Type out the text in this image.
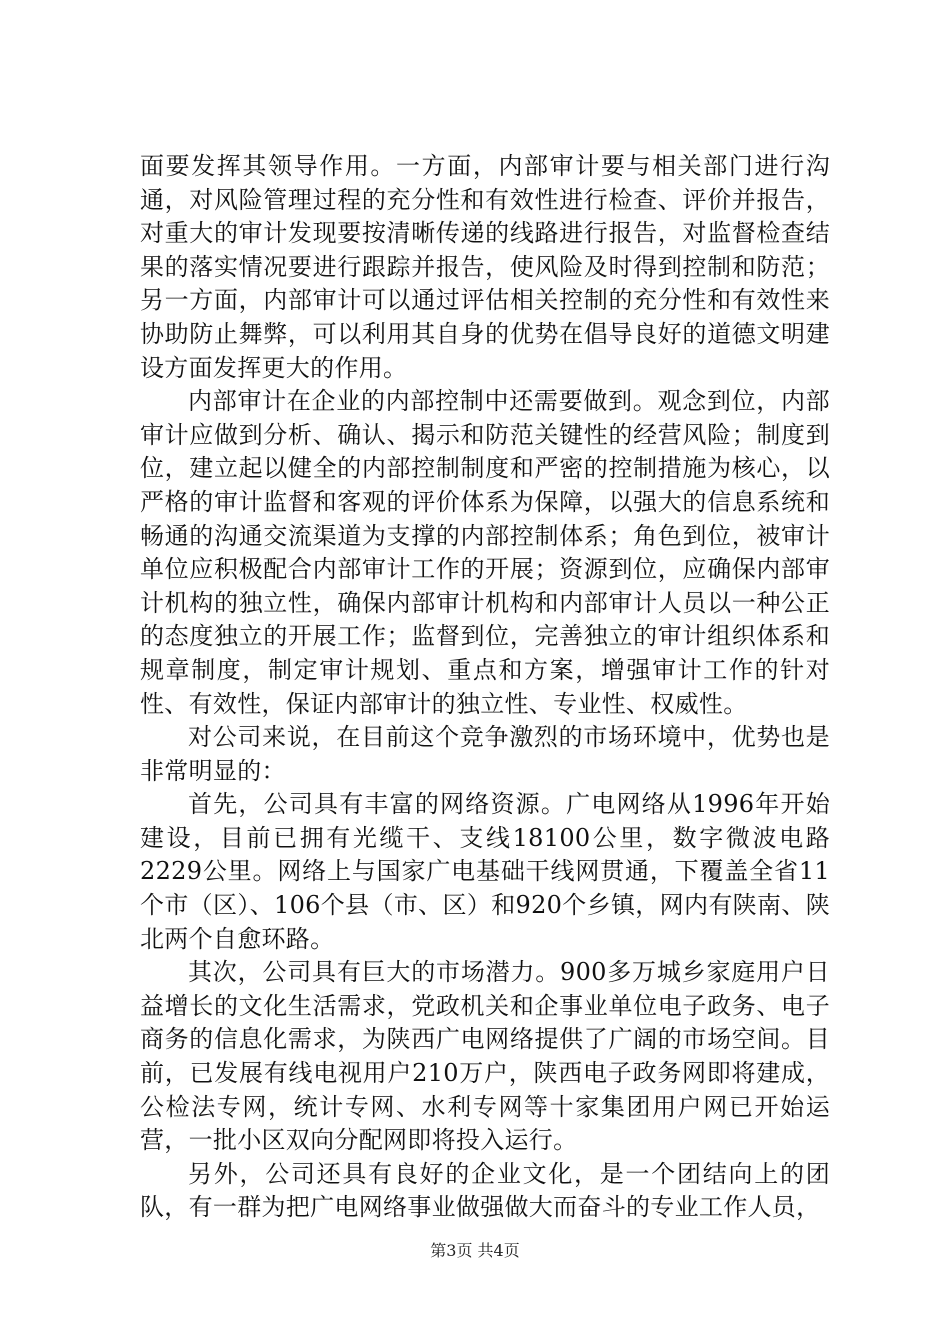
面要发挥其领导作用。一方面，内部审计要与相关部门进行沟通，对风险管理过程的充分性和有效性进行检查、评价并报告，对重大的审计发现要按清晰传递的线路进行报告，对监督检查结果的落实情况要进行跟踪并报告，使风险及时得到控制和防范；另一方面，内部审计可以通过评估相关控制的充分性和有效性来协助防止舞弊，可以利用其自身的优势在倡导良好的道德文明建设方面发挥更大的作用。

内部审计在企业的内部控制中还需要做到。观念到位，内部审计应做到分析、确认、揭示和防范关键性的经营风险；制度到位，建立起以健全的内部控制制度和严密的控制措施为核心，以严格的审计监督和客观的评价体系为保障，以强大的信息系统和畅通的沟通交流渠道为支撑的内部控制体系；角色到位，被审计单位应积极配合内部审计工作的开展；资源到位，应确保内部审计机构的独立性，确保内部审计机构和内部审计人员以一种公正的态度独立的开展工作；监督到位，完善独立的审计组织体系和规章制度，制定审计规划、重点和方案，增强审计工作的针对性、有效性，保证内部审计的独立性、专业性、权威性。

对公司来说，在目前这个竞争激烈的市场环境中，优势也是非常明显的：

首先，公司具有丰富的网络资源。广电网络从1996年开始建设，目前已拥有光缆干、支线18100公里，数字微波电路2229公里。网络上与国家广电基础干线网贯通，下覆盖全省11个市（区）、106个县（市、区）和920个乡镇，网内有陕南、陕北两个自愈环路。

其次，公司具有巨大的市场潜力。900多万城乡家庭用户日益增长的文化生活需求，党政机关和企事业单位电子政务、电子商务的信息化需求，为陕西广电网络提供了广阔的市场空间。目前，已发展有线电视用户210万户，陕西电子政务网即将建成，公检法专网，统计专网、水利专网等十家集团用户网已开始运营，一批小区双向分配网即将投入运行。

另外，公司还具有良好的企业文化，是一个团结向上的团队，有一群为把广电网络事业做强做大而奋斗的专业工作人员，

第3页 共4页
